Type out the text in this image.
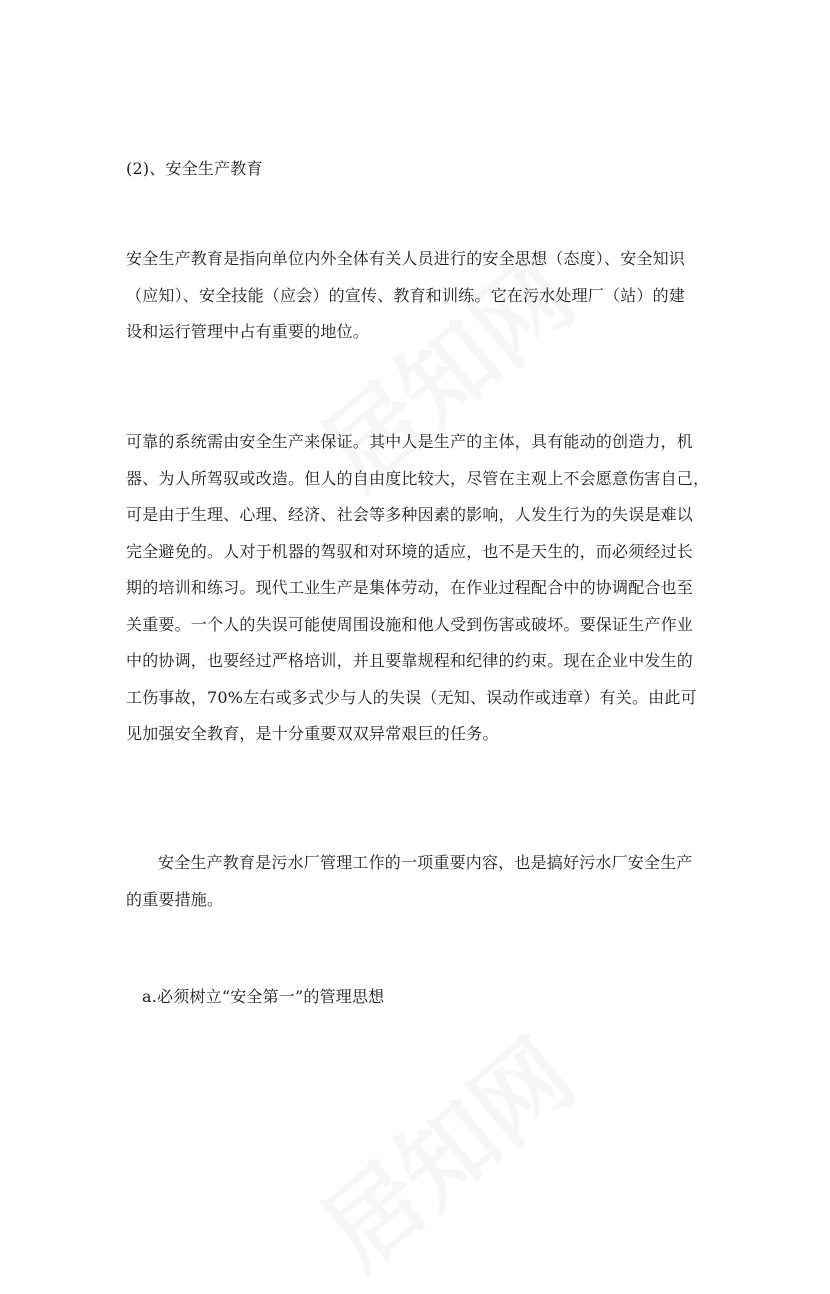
(2)、安全生产教育
安全生产教育是指向单位内外全体有关人员进行的安全思想（态度）、安全知识
（应知）、安全技能（应会）的宣传、教育和训练。它在污水处理厂（站）的建
设和运行管理中占有重要的地位。
可靠的系统需由安全生产来保证。其中人是生产的主体，具有能动的创造力，机
器、为人所驾驭或改造。但人的自由度比较大，尽管在主观上不会愿意伤害自己，
可是由于生理、心理、经济、社会等多种因素的影响，人发生行为的失误是难以
完全避免的。人对于机器的驾驭和对环境的适应，也不是天生的，而必须经过长
期的培训和练习。现代工业生产是集体劳动，在作业过程配合中的协调配合也至
关重要。一个人的失误可能使周围设施和他人受到伤害或破坏。要保证生产作业
中的协调，也要经过严格培训，并且要靠规程和纪律的约束。现在企业中发生的
工伤事故，70%左右或多式少与人的失误（无知、误动作或违章）有关。由此可
见加强安全教育，是十分重要双双异常艰巨的任务。
安全生产教育是污水厂管理工作的一项重要内容，也是搞好污水厂安全生产
的重要措施。
a.必须树立“安全第一”的管理思想
